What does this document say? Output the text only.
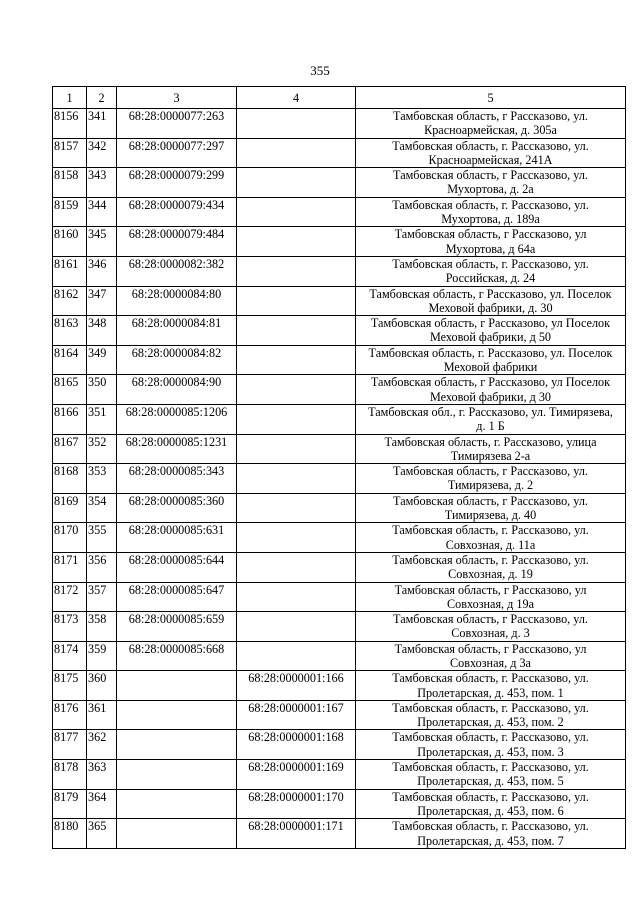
355
1	2	3	4	5
8156	341	68:28:0000077:263		Тамбовская область, г Рассказово, ул.
Красноармейская, д. 305а

8157	342	68:28:0000077:297		Тамбовская область, г. Рассказово, ул.
Красноармейская, 241А

8158	343	68:28:0000079:299		Тамбовская область, г Рассказово, ул.
Мухортова, д. 2а

8159	344	68:28:0000079:434		Тамбовская область, г. Рассказово, ул.
Мухортова, д. 189а

8160	345	68:28:0000079:484		Тамбовская область, г Рассказово, ул
Мухортова, д 64а

8161	346	68:28:0000082:382		Тамбовская область, г. Рассказово, ул.
Российская, д. 24

8162	347	68:28:0000084:80		Тамбовская область, г Рассказово, ул. Поселок
Меховой фабрики, д. 30

8163	348	68:28:0000084:81		Тамбовская область, г Рассказово, ул Поселок
Меховой фабрики, д 50

8164	349	68:28:0000084:82		Тамбовская область, г. Рассказово, ул. Поселок
Меховой фабрики

8165	350	68:28:0000084:90		Тамбовская область, г Рассказово, ул Поселок
Меховой фабрики, д 30

8166	351	68:28:0000085:1206		Тамбовская обл., г. Рассказово, ул. Тимирязева,
д. 1 Б

8167	352	68:28:0000085:1231		Тамбовская область, г. Рассказово, улица
Тимирязева 2-а

8168	353	68:28:0000085:343		Тамбовская область, г Рассказово, ул.
Тимирязева, д. 2

8169	354	68:28:0000085:360		Тамбовская область, г Рассказово, ул.
Тимирязева, д. 40

8170	355	68:28:0000085:631		Тамбовская область, г. Рассказово, ул.
Совхозная, д. 11а

8171	356	68:28:0000085:644		Тамбовская область, г. Рассказово, ул.
Совхозная, д. 19

8172	357	68:28:0000085:647		Тамбовская область, г Рассказово, ул
Совхозная, д 19а

8173	358	68:28:0000085:659		Тамбовская область, г Рассказово, ул.
Совхозная, д. 3

8174	359	68:28:0000085:668		Тамбовская область, г Рассказово, ул
Совхозная, д 3а

8175	360		68:28:0000001:166	Тамбовская область, г. Рассказово, ул.
Пролетарская, д. 453, пом. 1

8176	361		68:28:0000001:167	Тамбовская область, г. Рассказово, ул.
Пролетарская, д. 453, пом. 2

8177	362		68:28:0000001:168	Тамбовская область, г. Рассказово, ул.
Пролетарская, д. 453, пом. 3

8178	363		68:28:0000001:169	Тамбовская область, г. Рассказово, ул.
Пролетарская, д. 453, пом. 5

8179	364		68:28:0000001:170	Тамбовская область, г. Рассказово, ул.
Пролетарская, д. 453, пом. 6

8180	365		68:28:0000001:171	Тамбовская область, г. Рассказово, ул.
Пролетарская, д. 453, пом. 7
